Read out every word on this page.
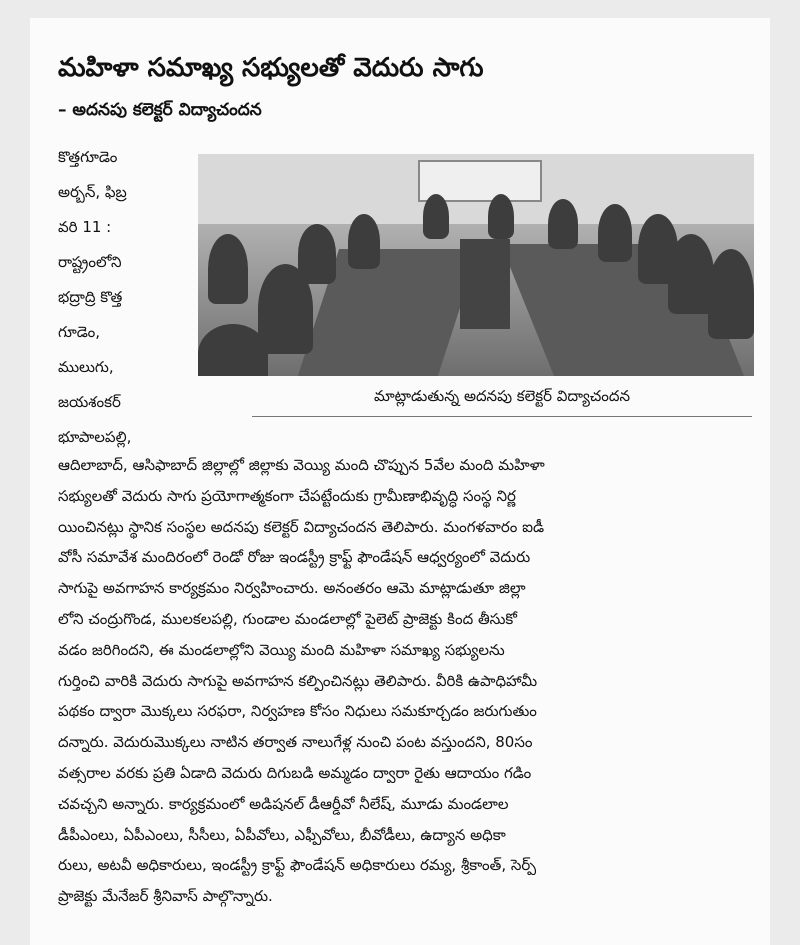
మహిళా సమాఖ్య సభ్యులతో వెదురు సాగు
– అదనపు కలెక్టర్ విద్యాచందన
కొత్తగూడెం
అర్బన్, ఫిబ్ర
వరి 11 :
రాష్ట్రంలోని
భద్రాద్రి కొత్త
గూడెం,
ములుగు,
జయశంకర్
భూపాలపల్లి,
మాట్లాడుతున్న అదనపు కలెక్టర్ విద్యాచందన
ఆదిలాబాద్, ఆసిఫాబాద్ జిల్లాల్లో జిల్లాకు వెయ్యి మంది చొప్పున 5వేల మంది మహిళా
సభ్యులతో వెదురు సాగు ప్రయోగాత్మకంగా చేపట్టేందుకు గ్రామీణాభివృద్ధి సంస్థ నిర్ణ
యించినట్లు స్థానిక సంస్థల అదనపు కలెక్టర్ విద్యాచందన తెలిపారు. మంగళవారం ఐడీ
వోసీ సమావేశ మందిరంలో రెండో రోజు ఇండస్ట్రీ క్రాఫ్ట్ ఫౌండేషన్ ఆధ్వర్యంలో వెదురు
సాగుపై అవగాహన కార్యక్రమం నిర్వహించారు. అనంతరం ఆమె మాట్లాడుతూ జిల్లా
లోని చంద్రుగొండ, ములకలపల్లి, గుండాల మండలాల్లో పైలెట్ ప్రాజెక్టు కింద తీసుకో
వడం జరిగిందని, ఈ మండలాల్లోని వెయ్యి మంది మహిళా సమాఖ్య సభ్యులను
గుర్తించి వారికి వెదురు సాగుపై అవగాహన కల్పించినట్లు తెలిపారు. వీరికి ఉపాధిహామీ
పథకం ద్వారా మొక్కలు సరఫరా, నిర్వహణ కోసం నిధులు సమకూర్చడం జరుగుతుం
దన్నారు. వెదురుమొక్కలు నాటిన తర్వాత నాలుగేళ్ల నుంచి పంట వస్తుందని, 80సం
వత్సరాల వరకు ప్రతి ఏడాది వెదురు దిగుబడి అమ్మడం ద్వారా రైతు ఆదాయం గడిం
చవచ్చని అన్నారు. కార్యక్రమంలో అడిషనల్ డీఆర్డీవో నీలేష్, మూడు మండలాల
డీపీఎంలు, ఏపీఎంలు, సీసీలు, ఏపీవోలు, ఎఫ్పీవోలు, బీవోడీలు, ఉద్యాన అధికా
రులు, అటవీ అధికారులు, ఇండస్ట్రీ క్రాఫ్ట్ ఫౌండేషన్ అధికారులు రమ్య, శ్రీకాంత్, సెర్ప్
ప్రాజెక్టు మేనేజర్ శ్రీనివాస్ పాల్గొన్నారు.
